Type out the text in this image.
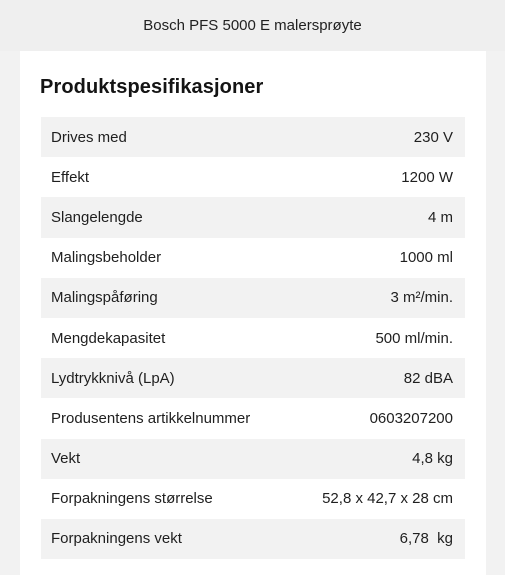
Bosch PFS 5000 E malersprøyte
Produktspesifikasjoner
Drives med	230 V
Effekt	1200 W
Slangelengde	4 m
Malingsbeholder	1000 ml
Malingspåføring	3 m²/min.
Mengdekapasitet	500 ml/min.
Lydtrykknivå (LpA)	82 dBA
Produsentens artikkelnummer	0603207200
Vekt	4,8 kg
Forpakningens størrelse	52,8 x 42,7 x 28 cm
Forpakningens vekt	6,78  kg
